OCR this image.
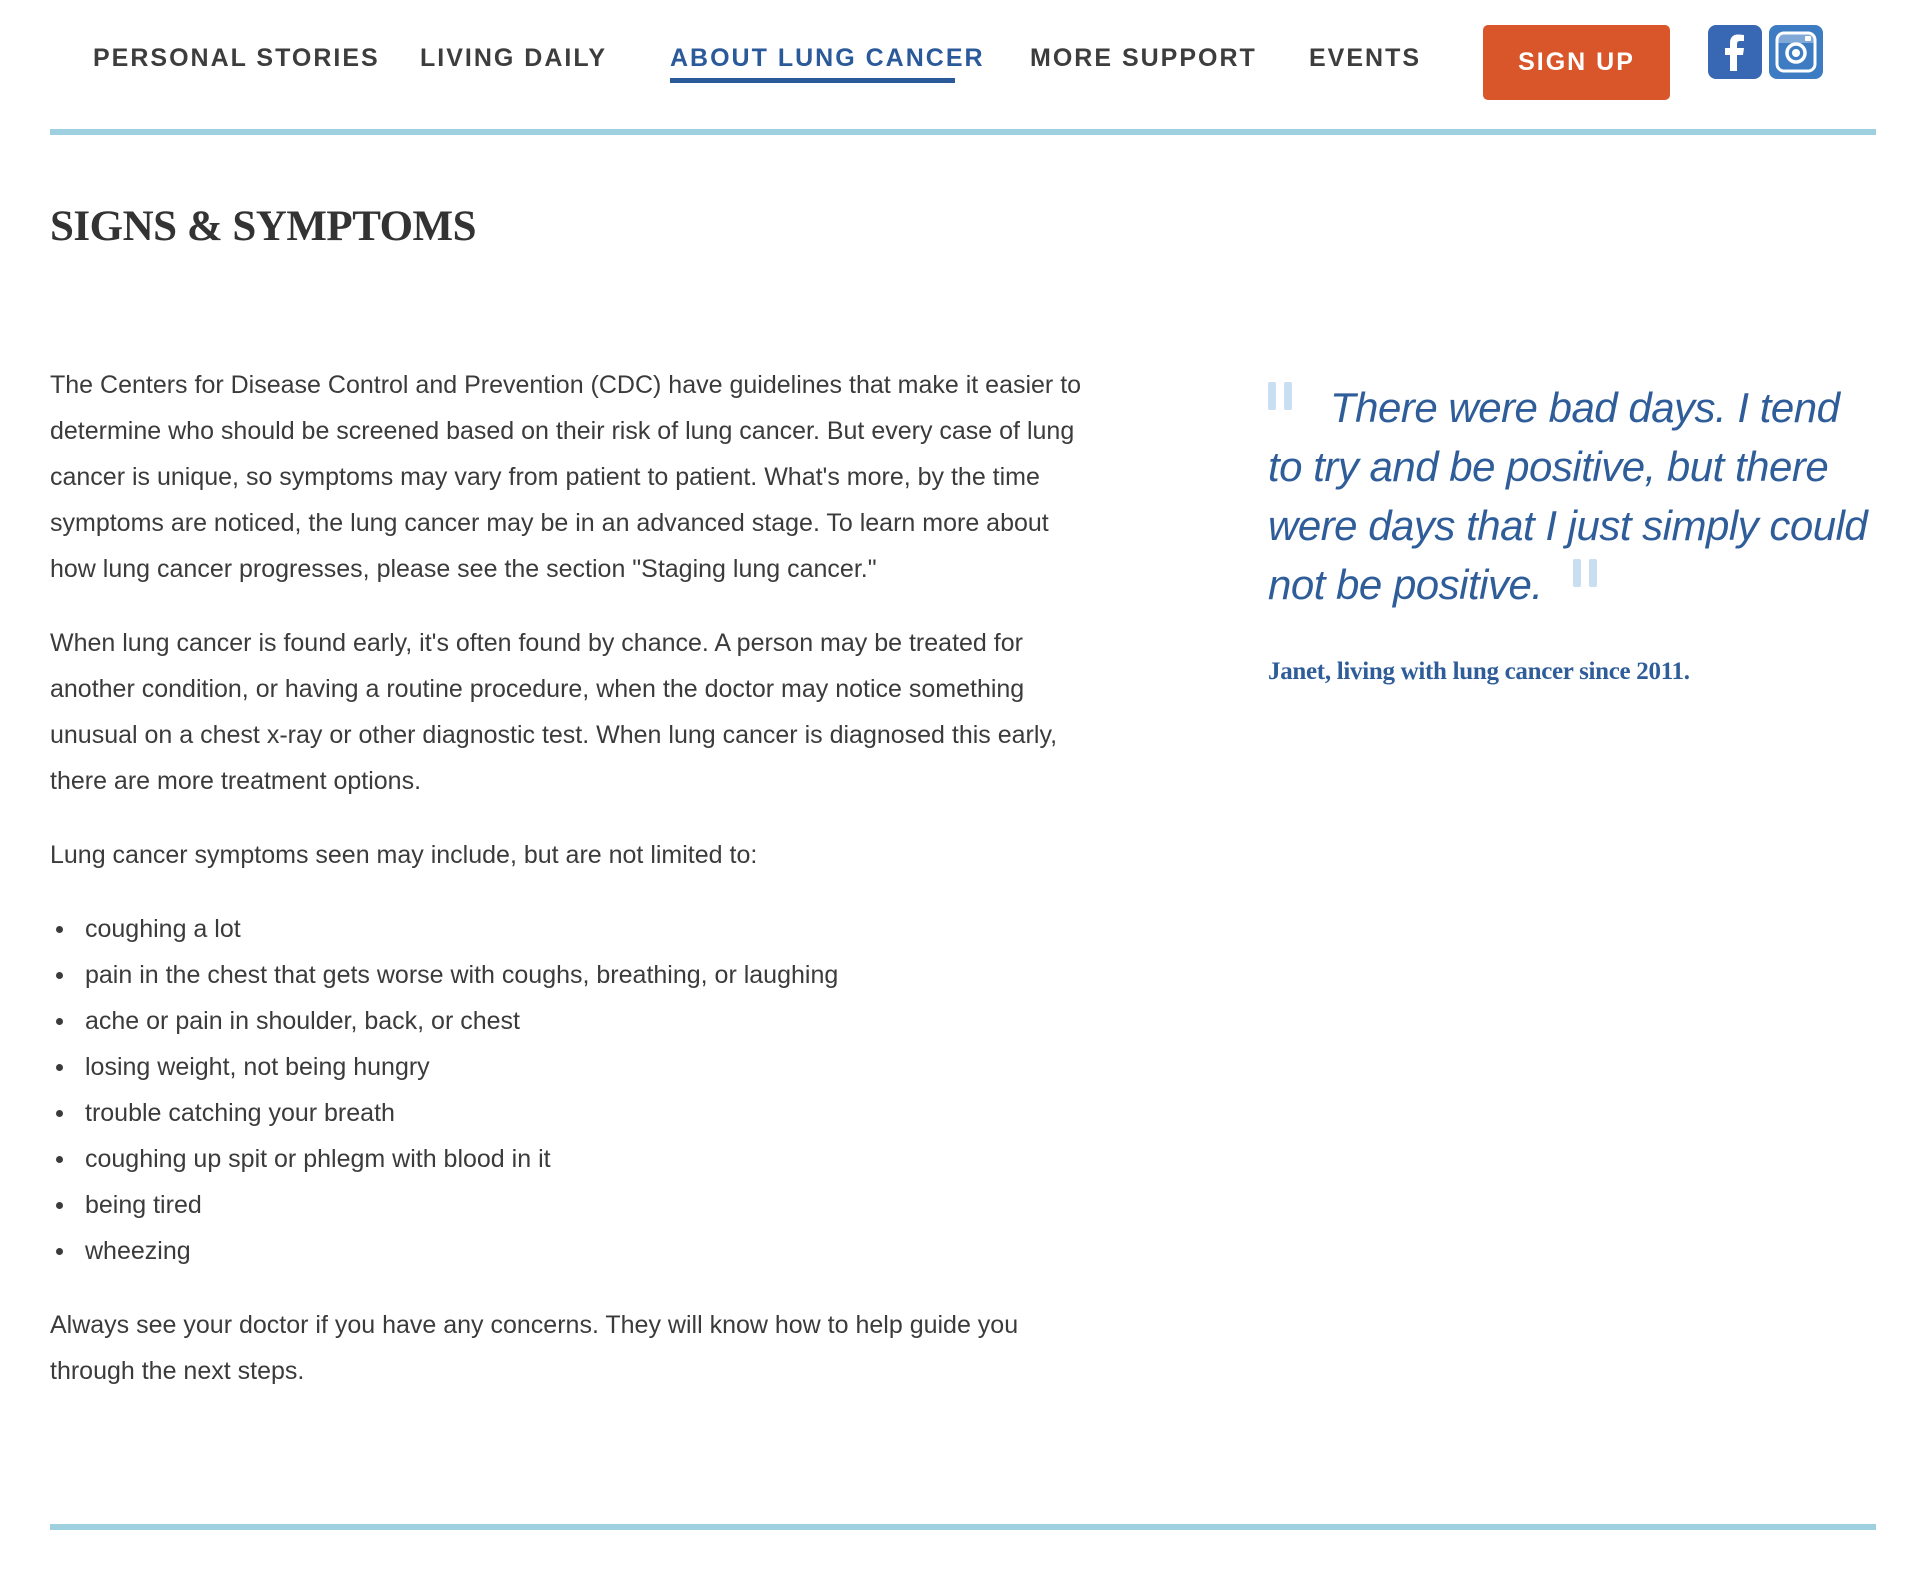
PERSONAL STORIES LIVING DAILY	ABOUT LUNG CANCER MORE SUPPORT EVENTS	SIGN UP
SIGNS & SYMPTOMS

The Centers for Disease Control and Prevention (CDC) have guidelines that make it easier to determine who should be screened based on their risk of lung cancer. But every case of lung cancer is unique, so symptoms may vary from patient to patient. What's more, by the time symptoms are noticed, the lung cancer may be in an advanced stage. To learn more about how lung cancer progresses, please see the section "Staging lung cancer."

When lung cancer is found early, it's often found by chance. A person may be treated for another condition, or having a routine procedure, when the doctor may notice something unusual on a chest x-ray or other diagnostic test. When lung cancer is diagnosed this early, there are more treatment options.

Lung cancer symptoms seen may include, but are not limited to:

coughing a lot
pain in the chest that gets worse with coughs, breathing, or laughing
ache or pain in shoulder, back, or chest
losing weight, not being hungry
trouble catching your breath
coughing up spit or phlegm with blood in it
being tired
wheezing

Always see your doctor if you have any concerns. They will know how to help guide you through the next steps.

There were bad days. I tend to try and be positive, but there were days that I just simply could not be positive.
Janet, living with lung cancer since 2011.
